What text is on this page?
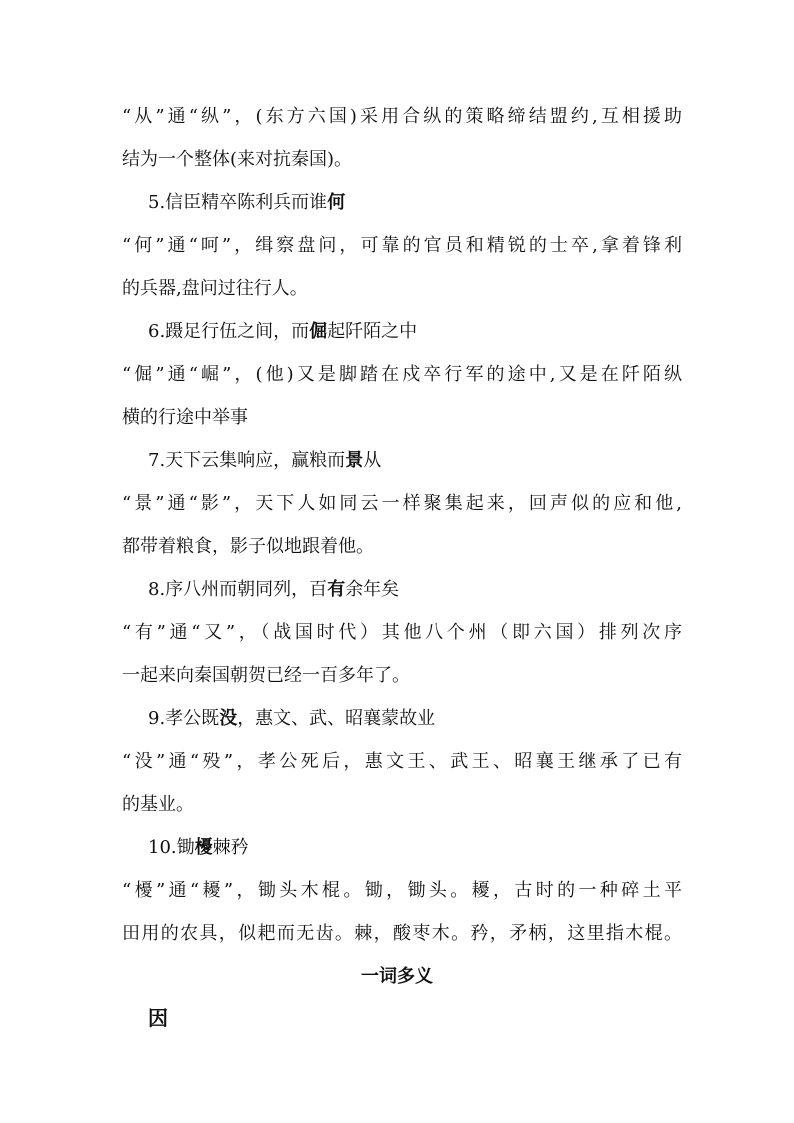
“从”通“纵”，(东方六国)采用合纵的策略缔结盟约,互相援助
结为一个整体(来对抗秦国)。
5.信臣精卒陈利兵而谁何
“何”通“呵”，缉察盘问，可靠的官员和精锐的士卒,拿着锋利
的兵器,盘问过往行人。
6.蹑足行伍之间，而倔起阡陌之中
“倔”通“崛”，(他)又是脚踏在戍卒行军的途中,又是在阡陌纵
横的行途中举事
7.天下云集响应，赢粮而景从
“景”通“影”，天下人如同云一样聚集起来，回声似的应和他,
都带着粮食，影子似地跟着他。
8.序八州而朝同列，百有余年矣
“有”通“又”，（战国时代）其他八个州（即六国）排列次序
一起来向秦国朝贺已经一百多年了。
9.孝公既没，惠文、武、昭襄蒙故业
“没”通“殁”，孝公死后，惠文王、武王、昭襄王继承了已有
的基业。
10.锄櫌棘矜
“櫌”通“耰”，锄头木棍。锄，锄头。耰，古时的一种碎土平
田用的农具，似耙而无齿。棘，酸枣木。矜，矛柄，这里指木棍。
一词多义
因
